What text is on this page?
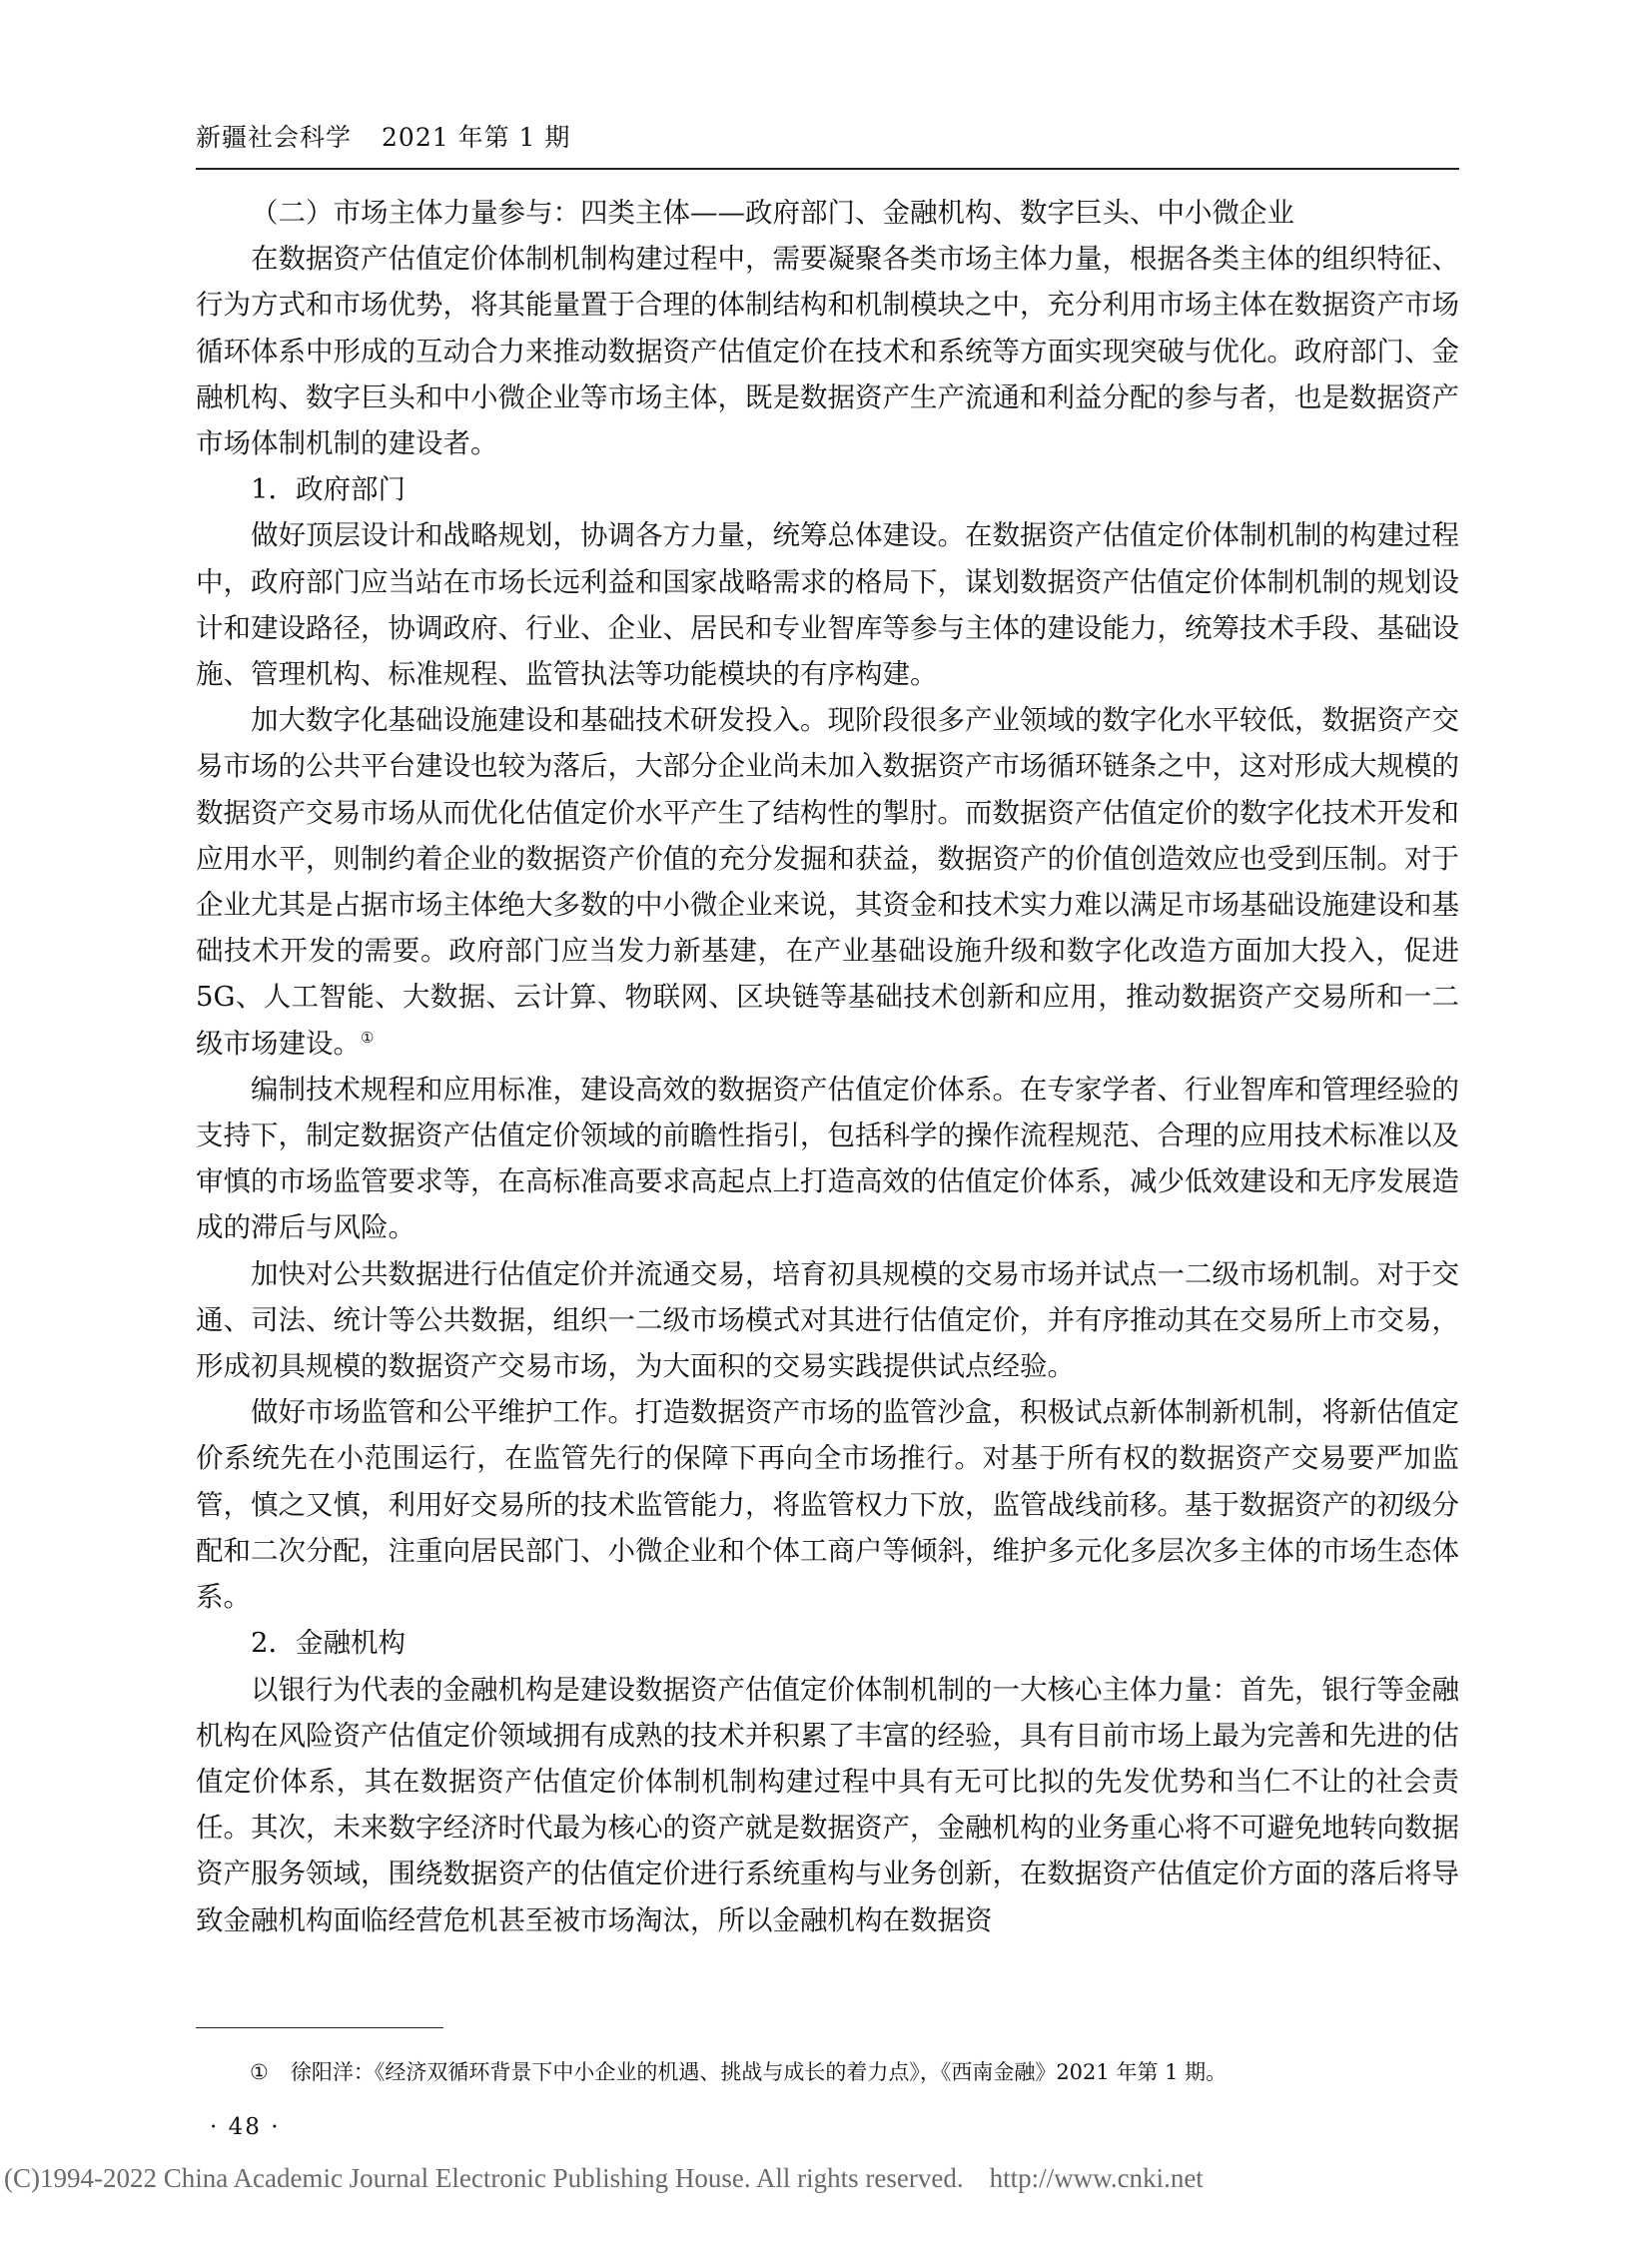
新疆社会科学 2021 年第 1 期

（二）市场主体力量参与：四类主体——政府部门、金融机构、数字巨头、中小微企业

在数据资产估值定价体制机制构建过程中，需要凝聚各类市场主体力量，根据各类主体的组织特征、行为方式和市场优势，将其能量置于合理的体制结构和机制模块之中，充分利用市场主体在数据资产市场循环体系中形成的互动合力来推动数据资产估值定价在技术和系统等方面实现突破与优化。政府部门、金融机构、数字巨头和中小微企业等市场主体，既是数据资产生产流通和利益分配的参与者，也是数据资产市场体制机制的建设者。

1．政府部门

做好顶层设计和战略规划，协调各方力量，统筹总体建设。在数据资产估值定价体制机制的构建过程中，政府部门应当站在市场长远利益和国家战略需求的格局下，谋划数据资产估值定价体制机制的规划设计和建设路径，协调政府、行业、企业、居民和专业智库等参与主体的建设能力，统筹技术手段、基础设施、管理机构、标准规程、监管执法等功能模块的有序构建。

加大数字化基础设施建设和基础技术研发投入。现阶段很多产业领域的数字化水平较低，数据资产交易市场的公共平台建设也较为落后，大部分企业尚未加入数据资产市场循环链条之中，这对形成大规模的数据资产交易市场从而优化估值定价水平产生了结构性的掣肘。而数据资产估值定价的数字化技术开发和应用水平，则制约着企业的数据资产价值的充分发掘和获益，数据资产的价值创造效应也受到压制。对于企业尤其是占据市场主体绝大多数的中小微企业来说，其资金和技术实力难以满足市场基础设施建设和基础技术开发的需要。政府部门应当发力新基建，在产业基础设施升级和数字化改造方面加大投入，促进 5G、人工智能、大数据、云计算、物联网、区块链等基础技术创新和应用，推动数据资产交易所和一二级市场建设。①

编制技术规程和应用标准，建设高效的数据资产估值定价体系。在专家学者、行业智库和管理经验的支持下，制定数据资产估值定价领域的前瞻性指引，包括科学的操作流程规范、合理的应用技术标准以及审慎的市场监管要求等，在高标准高要求高起点上打造高效的估值定价体系，减少低效建设和无序发展造成的滞后与风险。

加快对公共数据进行估值定价并流通交易，培育初具规模的交易市场并试点一二级市场机制。对于交通、司法、统计等公共数据，组织一二级市场模式对其进行估值定价，并有序推动其在交易所上市交易，形成初具规模的数据资产交易市场，为大面积的交易实践提供试点经验。

做好市场监管和公平维护工作。打造数据资产市场的监管沙盒，积极试点新体制新机制，将新估值定价系统先在小范围运行，在监管先行的保障下再向全市场推行。对基于所有权的数据资产交易要严加监管，慎之又慎，利用好交易所的技术监管能力，将监管权力下放，监管战线前移。基于数据资产的初级分配和二次分配，注重向居民部门、小微企业和个体工商户等倾斜，维护多元化多层次多主体的市场生态体系。

2．金融机构

以银行为代表的金融机构是建设数据资产估值定价体制机制的一大核心主体力量：首先，银行等金融机构在风险资产估值定价领域拥有成熟的技术并积累了丰富的经验，具有目前市场上最为完善和先进的估值定价体系，其在数据资产估值定价体制机制构建过程中具有无可比拟的先发优势和当仁不让的社会责任。其次，未来数字经济时代最为核心的资产就是数据资产，金融机构的业务重心将不可避免地转向数据资产服务领域，围绕数据资产的估值定价进行系统重构与业务创新，在数据资产估值定价方面的落后将导致金融机构面临经营危机甚至被市场淘汰，所以金融机构在数据资

① 徐阳洋：《经济双循环背景下中小企业的机遇、挑战与成长的着力点》，《西南金融》2021 年第 1 期。
· 48 ·
(C)1994-2022 China Academic Journal Electronic Publishing House. All rights reserved. http://www.cnki.net
